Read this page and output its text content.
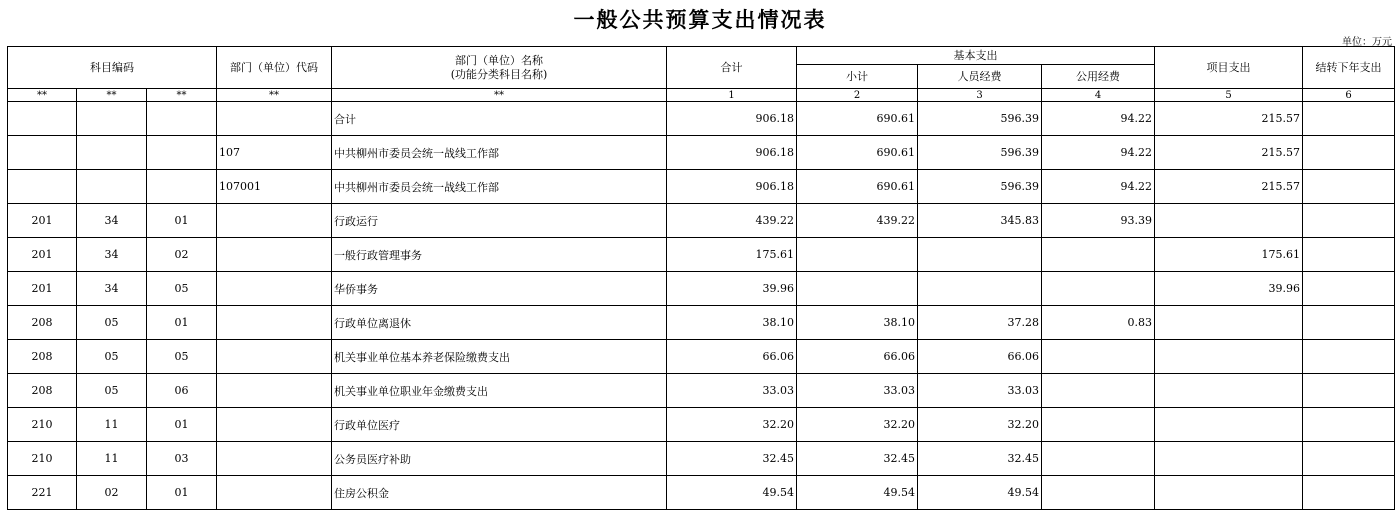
一般公共预算支出情况表
单位：万元
科目编码			部门（单位）代码	部门（单位）名称
(功能分类科目名称)	合计	基本支出			项目支出	结转下年支出
						小计	人员经费	公用经费		
**	**	**	**	**	1	2	3	4	5	6
				合计	906.18	690.61	596.39	94.22	215.57	
			107	中共柳州市委员会统一战线工作部	906.18	690.61	596.39	94.22	215.57	
			107001	中共柳州市委员会统一战线工作部	906.18	690.61	596.39	94.22	215.57	
201	34	01		行政运行	439.22	439.22	345.83	93.39		
201	34	02		一般行政管理事务	175.61				175.61	
201	34	05		华侨事务	39.96				39.96	
208	05	01		行政单位离退休	38.10	38.10	37.28	0.83		
208	05	05		机关事业单位基本养老保险缴费支出	66.06	66.06	66.06			
208	05	06		机关事业单位职业年金缴费支出	33.03	33.03	33.03			
210	11	01		行政单位医疗	32.20	32.20	32.20			
210	11	03		公务员医疗补助	32.45	32.45	32.45			
221	02	01		住房公积金	49.54	49.54	49.54			
